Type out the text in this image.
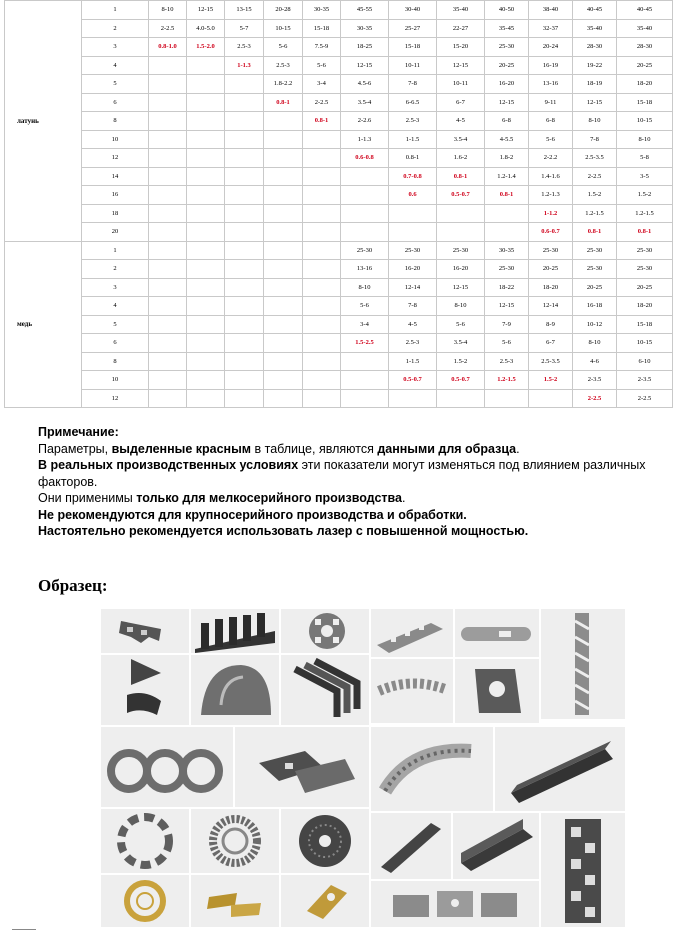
латунь	1	8-10	12-15	13-15	20-28	30-35	45-55	30-40	35-40	40-50	38-40	40-45	40-45
	2	2-2.5	4.0-5.0	5-7	10-15	15-18	30-35	25-27	22-27	35-45	32-37	35-40	35-40
	3	0.8-1.0	1.5-2.0	2.5-3	5-6	7.5-9	18-25	15-18	15-20	25-30	20-24	28-30	28-30
	4			1-1.3	2.5-3	5-6	12-15	10-11	12-15	20-25	16-19	19-22	20-25
	5				1.8-2.2	3-4	4.5-6	7-8	10-11	16-20	13-16	18-19	18-20
	6				0.8-1	2-2.5	3.5-4	6-6.5	6-7	12-15	9-11	12-15	15-18
	8					0.8-1	2-2.6	2.5-3	4-5	6-8	6-8	8-10	10-15
	10						1-1.3	1-1.5	3.5-4	4-5.5	5-6	7-8	8-10
	12						0.6-0.8	0.8-1	1.6-2	1.8-2	2-2.2	2.5-3.5	5-8
	14							0.7-0.8	0.8-1	1.2-1.4	1.4-1.6	2-2.5	3-5
	16							0.6	0.5-0.7	0.8-1	1.2-1.3	1.5-2	1.5-2
	18										1-1.2	1.2-1.5	1.2-1.5
	20										0.6-0.7	0.8-1	0.8-1
медь	1						25-30	25-30	25-30	30-35	25-30	25-30	25-30
	2						13-16	16-20	16-20	25-30	20-25	25-30	25-30
	3						8-10	12-14	12-15	18-22	18-20	20-25	20-25
	4						5-6	7-8	8-10	12-15	12-14	16-18	18-20
	5						3-4	4-5	5-6	7-9	8-9	10-12	15-18
	6						1.5-2.5	2.5-3	3.5-4	5-6	6-7	8-10	10-15
	8							1-1.5	1.5-2	2.5-3	2.5-3.5	4-6	6-10
	10							0.5-0.7	0.5-0.7	1.2-1.5	1.5-2	2-3.5	2-3.5
	12											2-2.5	2-2.5

Примечание:

Параметры, выделенные красным в таблице, являются данными для образца.

В реальных производственных условиях эти показатели могут изменяться под влиянием различных факторов.

Они применимы только для мелкосерийного производства.

Не рекомендуются для крупносерийного производства и обработки.

Настоятельно рекомендуется использовать лазер с повышенной мощностью.

Образец:
